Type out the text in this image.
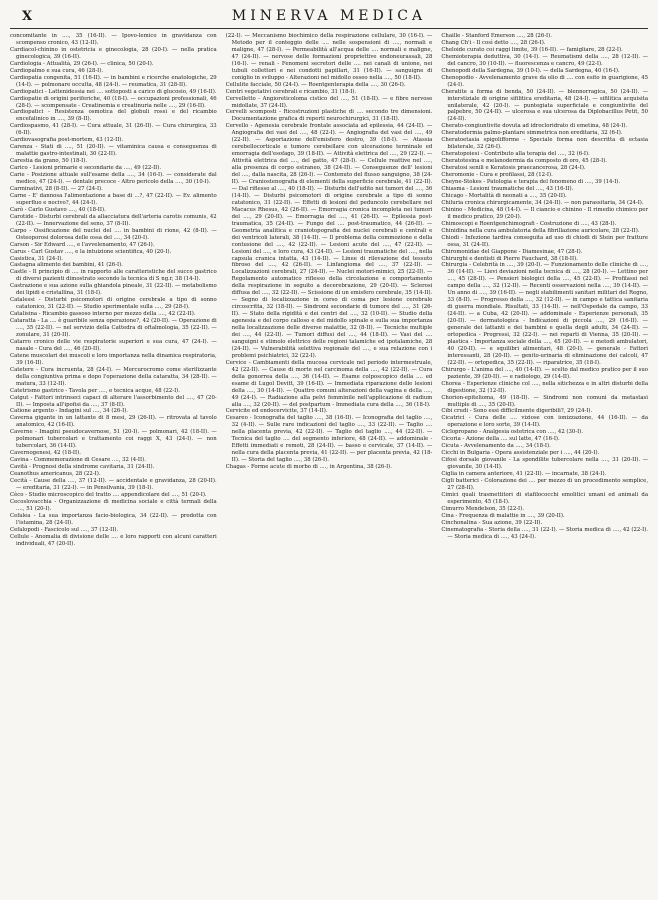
X	MINERVA MEDICA

concomitante in ...., 35 (16-II). — Ipovo-lemico in gravidanza con scompenso cronico, 43 (12-II).

Cardiacol-chinino in ostetricia e ginecologia, 28 (20-I). — nella pratica ginecologica, 39 (16-II).

Cardiologia - Attualità, 29 (26-I). — clinica, 50 (20-I).

Cardiopalmo e sua cura, 46 (28-I).

Cardiopatia congenita, 51 (16-II). — in bambini e ricerche enatologiche, 29 (14-I). — polmonare occulta, 48 (24-I). — reumatica, 31 (28-II).

Cardiopatici - Lattenidessia nei .... sottoposti a carico di glucosio, 49 (16-II).

Cardiopatie di origini periferiche, 40 (18-I). — occupazioni professionali, 46 (28-I). — scompensate - Creatinemia e creatinuria nelle ...., 29 (16-II).

Cardiopatici - Resistenza osmotica del globuli rossi e del ricambio encefalinico in ...., 39 (8-II).

Cardiospasmo, 41 (28-I). — Cura attuale, 31 (26-II). — Cura chirurgica, 33 (6-II).

Cardiovasografia post-mortem, 43 (12-II).

Carenza - Stati di ...., 51 (20-II). — vitaminica causa e conseguenza di malattie gastro-intestinali, 30 (22-II).

Carestia da grano, 50 (18-I).

Carico - Lesioni primarie e secondarie da ...., 49 (22-II).

Carie - Posizione attuale sull'esame della ...., 34 (16-I). — considerate dal medico, 47 (24-I). — dentale precoce - Altro pericolo della ...., 30 (10-I).

Carminativi, 28 (8-II). — 27 (24-I).

Carne - E' dannosa l'alimentazione a base di ...?, 47 (22-II). — Ev. alimento superfluo e nocivo?, 44 (24-I).

Carò - Carlo Gustavo ...., 40 (18-II).

Carotide - Disturbi cerebrali da allacciatura dell'arteria carotis comunis, 42 (22-II). — Innervazione del seno, 37 (8-II).

Carpo - Ossificazione del nuclei del .... in bambini di rione, 42 (8-II). — Osteoporosi dolorosa delle ossa del ...., 34 (20-I).

Carson - Sir Edward ...., e l'avvelenamento, 47 (26-I).

Carus - Carl Gustav ...., e la intuizione scientifica, 40 (20-I).

Casistica, 31 (24-I).

Castagna alimento dei bambini, 41 (26-I).

Castle - Il principio di .... in rapporto alle caratteristiche del succo gastrico di diversi pazienti dimostrato secondo la tecnica di S ng.r, 38 (14-I).

Castrazione e sua azione sulla ghiandola pineale, 31 (22-II). — metabolismo dei lipidi e cristallina, 31 (18-I).

Catalessi - Disturbi psicomotori di origine cerebrale a tipo di sonno catatonico, 31 (22-II). — Studio sperimentale sulla ...., 29 (28-I).

Catalisina - Ricambio gassoso interno per mezzo della ...., 42 (22-II).

Cataratta - La .... è guaribile senza operazione?, 42 (20-II). — Operazione di ...., 35 (22-II). — nel servizio della Cattedra di oftalmologia, 35 (22-II). — zonulare, 31 (20-II).

Catarro cronico delle vie respiratorie superiori e sua cura, 47 (24-I). — nasale - Cura del ...., 46 (20-II).

Catene muscolari dei muscoli e loro importanza nella dinamica respiratoria, 39 (16-II).

Catetere - Cura incruenta, 28 (24-I). — Mercurocromo come sterilizzante della congiuntiva prima e dopo l'operazione della cataratta, 34 (28-II). — matura, 33 (12-II).

Catetrismo gastrico - Tavola per ...., e tecnica acque, 48 (22-I).

Catgut - Fattori intrinseci capaci di alterare l'assorbimento del ...., 47 (20-II). — Imposta all'ipofisi da ...., 37 (8-II).

Catione argento - Indagini sul ...., 34 (26-I).

Caverna gigante in un lattante di 8 mesi, 29 (26-II). — ritrovata al tavolo anatomico, 42 (16-II).

Caverne - Imagini pseudocavernose, 51 (20-I). — polmonari, 42 (18-II). — polmonari tubercolari e trattamento coi raggi X, 43 (24-I). — non tubercolari, 36 (14-II).

Cavernogenesi, 42 (18-II).

Cavina - Commemorazione di Cesare ...., 32 (4-II).

Cavità - Prognosi della sindrome cavitaria, 31 (24-II).

Ceanothus americanus, 28 (22-I).

Cecità - Cause della ...., 37 (12-II). — accidentale e gravidanza, 28 (20-II). — ereditaria, 31 (22-I). — in Pensilvania, 39 (18-I).

Cèco - Studio microscopico del tratto .... appendicolare del ...., 51 (20-I).

Cecoslovacchia - Organizzazione di medicina sociale e città termali della ...., 51 (20-I).

Cefalea - La sua importanza facio-biologica, 34 (22-II). — prodotta con l'istamina, 28 (24-II).

Cefalopodi - Fascicolo sul ...., 37 (12-II).

Cellule - Anomalia di divisione delle .... e loro rapporti con alcuni caratteri individuali, 47 (20-II).

(22-I). — Meccanismo biochimico della respirazione cellulare, 30 (16-I). — Metodo per il conteggio delle .... nelle sospensioni di ...., normali e maligne, 47 (28-I). — Permeabilità all'acqua delle .... normali e maligne, 47 (24-II). — nervose delle formazioni propriettive endoneurassali, 28 (16-I). — renali - Fenomeni secretori delle .... nei canali di unione, nei tubuli collettori e nei condotti papillari, 31 (16-II). — sanguigne di coniglio in sviluppo - Alterazioni nel midollo osseo nella ...., 50 (18-II).

Cellulite facciale, 50 (24-I). — Roentgenterapia della ...., 30 (26-I).

Centri vegetativi cerebrali e ricambio, 31 (18-I).

Cervelletto - Angioreticoloma cistico del ...., 51 (18-II). — e fibre nervose midollate, 37 (24-II).

Cervelli scomposti - Ricostruzioni plastiche di .... secondo tre dimensioni. Documentazione grafica di reperti neurochirurgici, 31 (18-II).

Cervello - Agenesia cerebrale frontale associata ad epilessia, 44 (24-II). — Angiografia dei vasi del ...., 48 (22-I). — Angiografia del vasi del ...., 49 (22-II). — Asportazione dell'emisfero destro, 39 (18-I). — Atassia cerebellocorticale e tumore cerebellare con ulcerazione terminale ed emorragia dell'esofago, 39 (18-II). — Attività elettrica del ...., 29 (22-I). — Attività elettrica del ...., del gatto, 47 (28-I). — Cellule reattive nel ...., alla presenza di corpo estraneo, 38 (24-II). — Conseguenze dell' lesioni del ...., dalla nascita, 28 (26-I). — Contenuto del flusso sanguigno, 38 (24-II). — Craniostenografia di elementi della superficie cerebrale, 41 (22-II). — Dal riflesso al ...., 40 (18-II). — Disturbi dell'udito nei tumori del ...., 36 (14-II). — Disturbi psicomotori di origine cerebrale a tipo di sonno catatonico, 31 (22-II). — Effetti di lesioni del peduncolo cerebellare nel Macacus Rhesus, 42 (26-II). — Emorragia cronica incompleta nei tumori del ...., 29 (20-II). — Emorragia del ...., 41 (26-II). — Epilessia post-traumatica, 35 (24-II). — Fungo del .... post-traumatico, 44 (26-II). — Geometria analitica e craniotopografia dei nuclei cerebrali e centrali e dei ventricoli laterali, 38 (14-II). — Il problema della commozione e della contusione del ...., 42 (22-II). — Lesioni acute del ...., 47 (22-II). — Lesioni del ...., e loro cura, 43 (24-II). — Lesioni traumatiche del ...., nella capsula cranica intatta, 43 (14-II). — Linee di rilevazione del tessuto fibroso del ...., 42 (26-II). — Linfangioma del ...., 37 (22-II). — Localizzazioni cerebrali, 27 (24-II). — Nuclei motori-mimici, 25 (22-II). — Regolamento automatico riflesso della circolazione e comportamento della respirazione in seguito a decerebrazione, 29 (20-II). — Sclerosi diffusa del ...., 32 (22-II). — Scissione di un emisfero cerebrale, 35 (14-II). — Segno di localizzazione in corso di coma per lesione cerebrale circoscritta, 32 (18-II). — Sindromi secondarie di tumore del ...., 31 (26-II). — Stato della rigidità e dei centri del ...., 32 (10-II). — Studio della agenesia e del corpo calloso e del midollo spinale e sulla sua importanza nella localizzazione delle diverse malattie, 32 (8-II). — Tecniche multiple dei ...., 44 (22-II). — Tumori diffusi del ...., 44 (18-II). — Vasi del .... sanguigni e stimolo elettrico delle regioni talamiche ed ipotalamiche, 28 (24-II). — Vulnerabilità selettiva regionale del ...., e sua relazione con i problemi psichiatrici, 32 (22-I).

Cervice - Cambiamenti della mucosa cervicale nel periodo intermestruale, 42 (22-II). — Cause di morte nel carcinoma della ...., 42 (22-II). — Cura della gonorrea della ...., 36 (14-II). — Esame colposcopico della .... ed esame di Lugol Devitt, 39 (16-II). — Immediata riparazione delle lesioni della ...., 30 (14-II). — Quattro comuni alterazioni della vagina e della ...., 49 (24-I). — Radiazione alla pelvi femminile nell'applicazione di radium alla ...., 32 (20-II). — del postpartum - Immediata cura della ...., 36 (18-I).

Cervicite ed endocervicite, 37 (14-II).

Cesareo - Iconografia del taglio ...., 38 (16-II). — Iconografia del taglio ...., 32 (4-II). — Sulle rare indicazioni del taglio ...., 33 (22-II). — Taglio .... nella placenta previa, 42 (22-II). — Taglio del taglio ...., 44 (22-II). — Tecnica del taglio .... del segmento inferiore, 48 (24-II). — addominale - Effetti immediati e remoti, 28 (24-II). — basso e cervicale, 37 (14-II). — nella cura della placenta previa, 41 (22-II). — per placenta previa, 42 (18-II). — Storia del taglio ...., 38 (26-I).

Chagas - Forme acute di morbo di ...., in Argentina, 38 (26-I).

Chaille - Stanford Emerson ...., 28 (26-I).

Chang Ch'i - Il così detto ...., 28 (26-I).

Cheloide curato coi raggi limite, 39 (16-II). — famigliare, 28 (22-I).

Chemioterapia deduttiva, 30 (14-I). — Reumatismi della ...., 28 (12-II). — del cancro, 30 (10-II). — fluorescenza e cancro, 49 (22-I).

Chenopodi della Sardegna, 39 (10-I). — della Sardegna, 40 (16-I).

Chenopodio - Avvelenamento grave da olio di .... con esito in guarigione, 45 (24-I).

Cheratite a forma di benda, 50 (24-II). — blennorragica, 50 (24-II). — interstiziale di origine sifilitica ereditaria, 48 (24-I). — sifilitica acquisita unilaterale, 42 (20-I). — puntegiata superficiale e congiuntivite del palpebre, 50 (24-II). — ulcerosa e sua ulcerosa da Diplobacillus Petit, 50 (24-II).

Cherato-congiuntivite dovuta ad idrocloridrato di emetina, 48 (24-I).

Cheratodermia palmo-plantare simmetrica non ereditaria, 32 (6-I).

Cheratoetasia spigolifforme - Speciale forma non descritta di ectasia bilaterale, 32 (26-I).

Cheratopoiesi - Contributo alla terapia del ...., 32 (6-I).

Cheratotesina e melanodermia da composto di oro, 45 (28-I).

Cheratosi senili e Keratosis praecancerosa, 28 (24-I).

Cheromonie - Cura e profilassi, 28 (12-I).

Cheyne-Stokes - Patologia e terapia del fenomeno di ...., 39 (14-I).

Chiasma - Lesioni traumatiche del ...., 43 (16-II).

Chicago - Mortalità di neonati a ...., 35 (20-II).

Chiluria cronica chirurgicamente, 34 (24-II). — non parassitaria, 34 (24-I).

Chinino - Medicina, 48 (14-I). — Il ciancio e chinino - Il rimedio chimico per il medico pratico, 29 (20-I).

Chimoscopi e Roentgenchimografi - Costruzione di ...., 43 (28-I).

Chinidina nella cura ambulatoria della fibrillazione auricolare, 28 (22-II).

Chiodi - Infezione tardiva conseguita ad uso di chiodi di Stein per fratture ossa, 31 (24-II).

Chiromonidae del Giappone - Diamesinae, 47 (28-I).

Chirurghi e dentisti di Pierre Fauchard, 38 (18-II).

Chirurgia - Celebrità in ...., 39 (20-I). — Funzionamento delle cliniche di ...., 36 (14-II). — Lievi deviazioni nella tecnica di ...., 28 (20-I). — Lettino per ...., 45 (28-II). — Pensieri biologici della ...., 45 (22-II). — Profilassi nel campo della ...., 32 (12-II). — Recenti osservazioni nella ...., 39 (14-II). — Un anno di ...., 39 (16-II). — negli stabilimenti sanitari militari del Regno, 33 (8-II). — Progresso della ...., 32 (12-II). — in campo e tattica sanitaria di guerra mondiale. Risultati, 33 (14-II). — nell'Ospedale da campo, 33 (24-II). — a Cuba, 42 (20-II). — addominale - Esperienze personali, 35 (20-II). — dermatologica - Indicazioni di piccola ...., 29 (16-II). — generale dei lattanti e dei bambini e quella degli adulti, 34 (24-II). — ortopedica - Progressi, 32 (22-I). — nei reparti di Vienna, 35 (20-II). — plastica - Importanza sociale della ...., 45 (20-II). — e metodi ambulatori, 40 (20-II). — e squilibri alimentari, 48 (20-I). — generale - Fattori interessanti, 28 (20-II). — genito-urinaria di eliminazione dei calcoli, 47 (22-II). — ortopedica, 35 (22-II). — riparatrice, 35 (18-I).

Chirurgo - L'anima del ...., 40 (14-II). — scelto dal medico pratico per il suo paziente, 39 (20-II). — e radiologo, 29 (14-II).

Chorea - Esperienze cliniche col ...., nella sitichezza e in altri disturbi della digestione, 32 (12-II).

Chorion-epitelioma, 49 (18-II). — Sindromi non comuni da metastasi multiple di ...., 35 (20-II).

Cibi crudi - Sono essi difficilmente digeribili?, 29 (24-I).

Cicatrici - Cura delle .... viziose con ionizzazione, 44 (16-II). — da operazione e loro sorte, 39 (14-II).

Ciclopropano - Analgesia ostetrica con ...., 42 (30-I).

Cicoria - Azione della .... sul latte, 47 (16-I).

Cicuta - Avvelenamento da ...., 34 (18-I).

Cicchi in Bulgaria - Opera assistenziale per i ...., 44 (20-I).

Cifosi dorsale giovanile - La spondilite tubercolare nella ...., 31 (20-II). — giovanile, 30 (14-II).

Ciglia in camera anteriore, 41 (22-II). — incarnate, 38 (24-I).

Cigli batterici - Colorazione dei .... per mezzo di un procedimento semplice, 27 (28-II).

Cimici quali trasmettitori di stafilococchi emolitici umani ed animali da esperimento, 45 (18-I).

Cimurro Mendelson, 35 (22-I).

Cina - Frequenza di malattie in ...., 39 (20-II).

Cinchonalina - Sua azione, 39 (22-II).

Cinematografia - Storia della ...., 31 (22-I). — Storia medica di ...., 42 (22-I). — Storia medica di ...., 43 (24-I).
